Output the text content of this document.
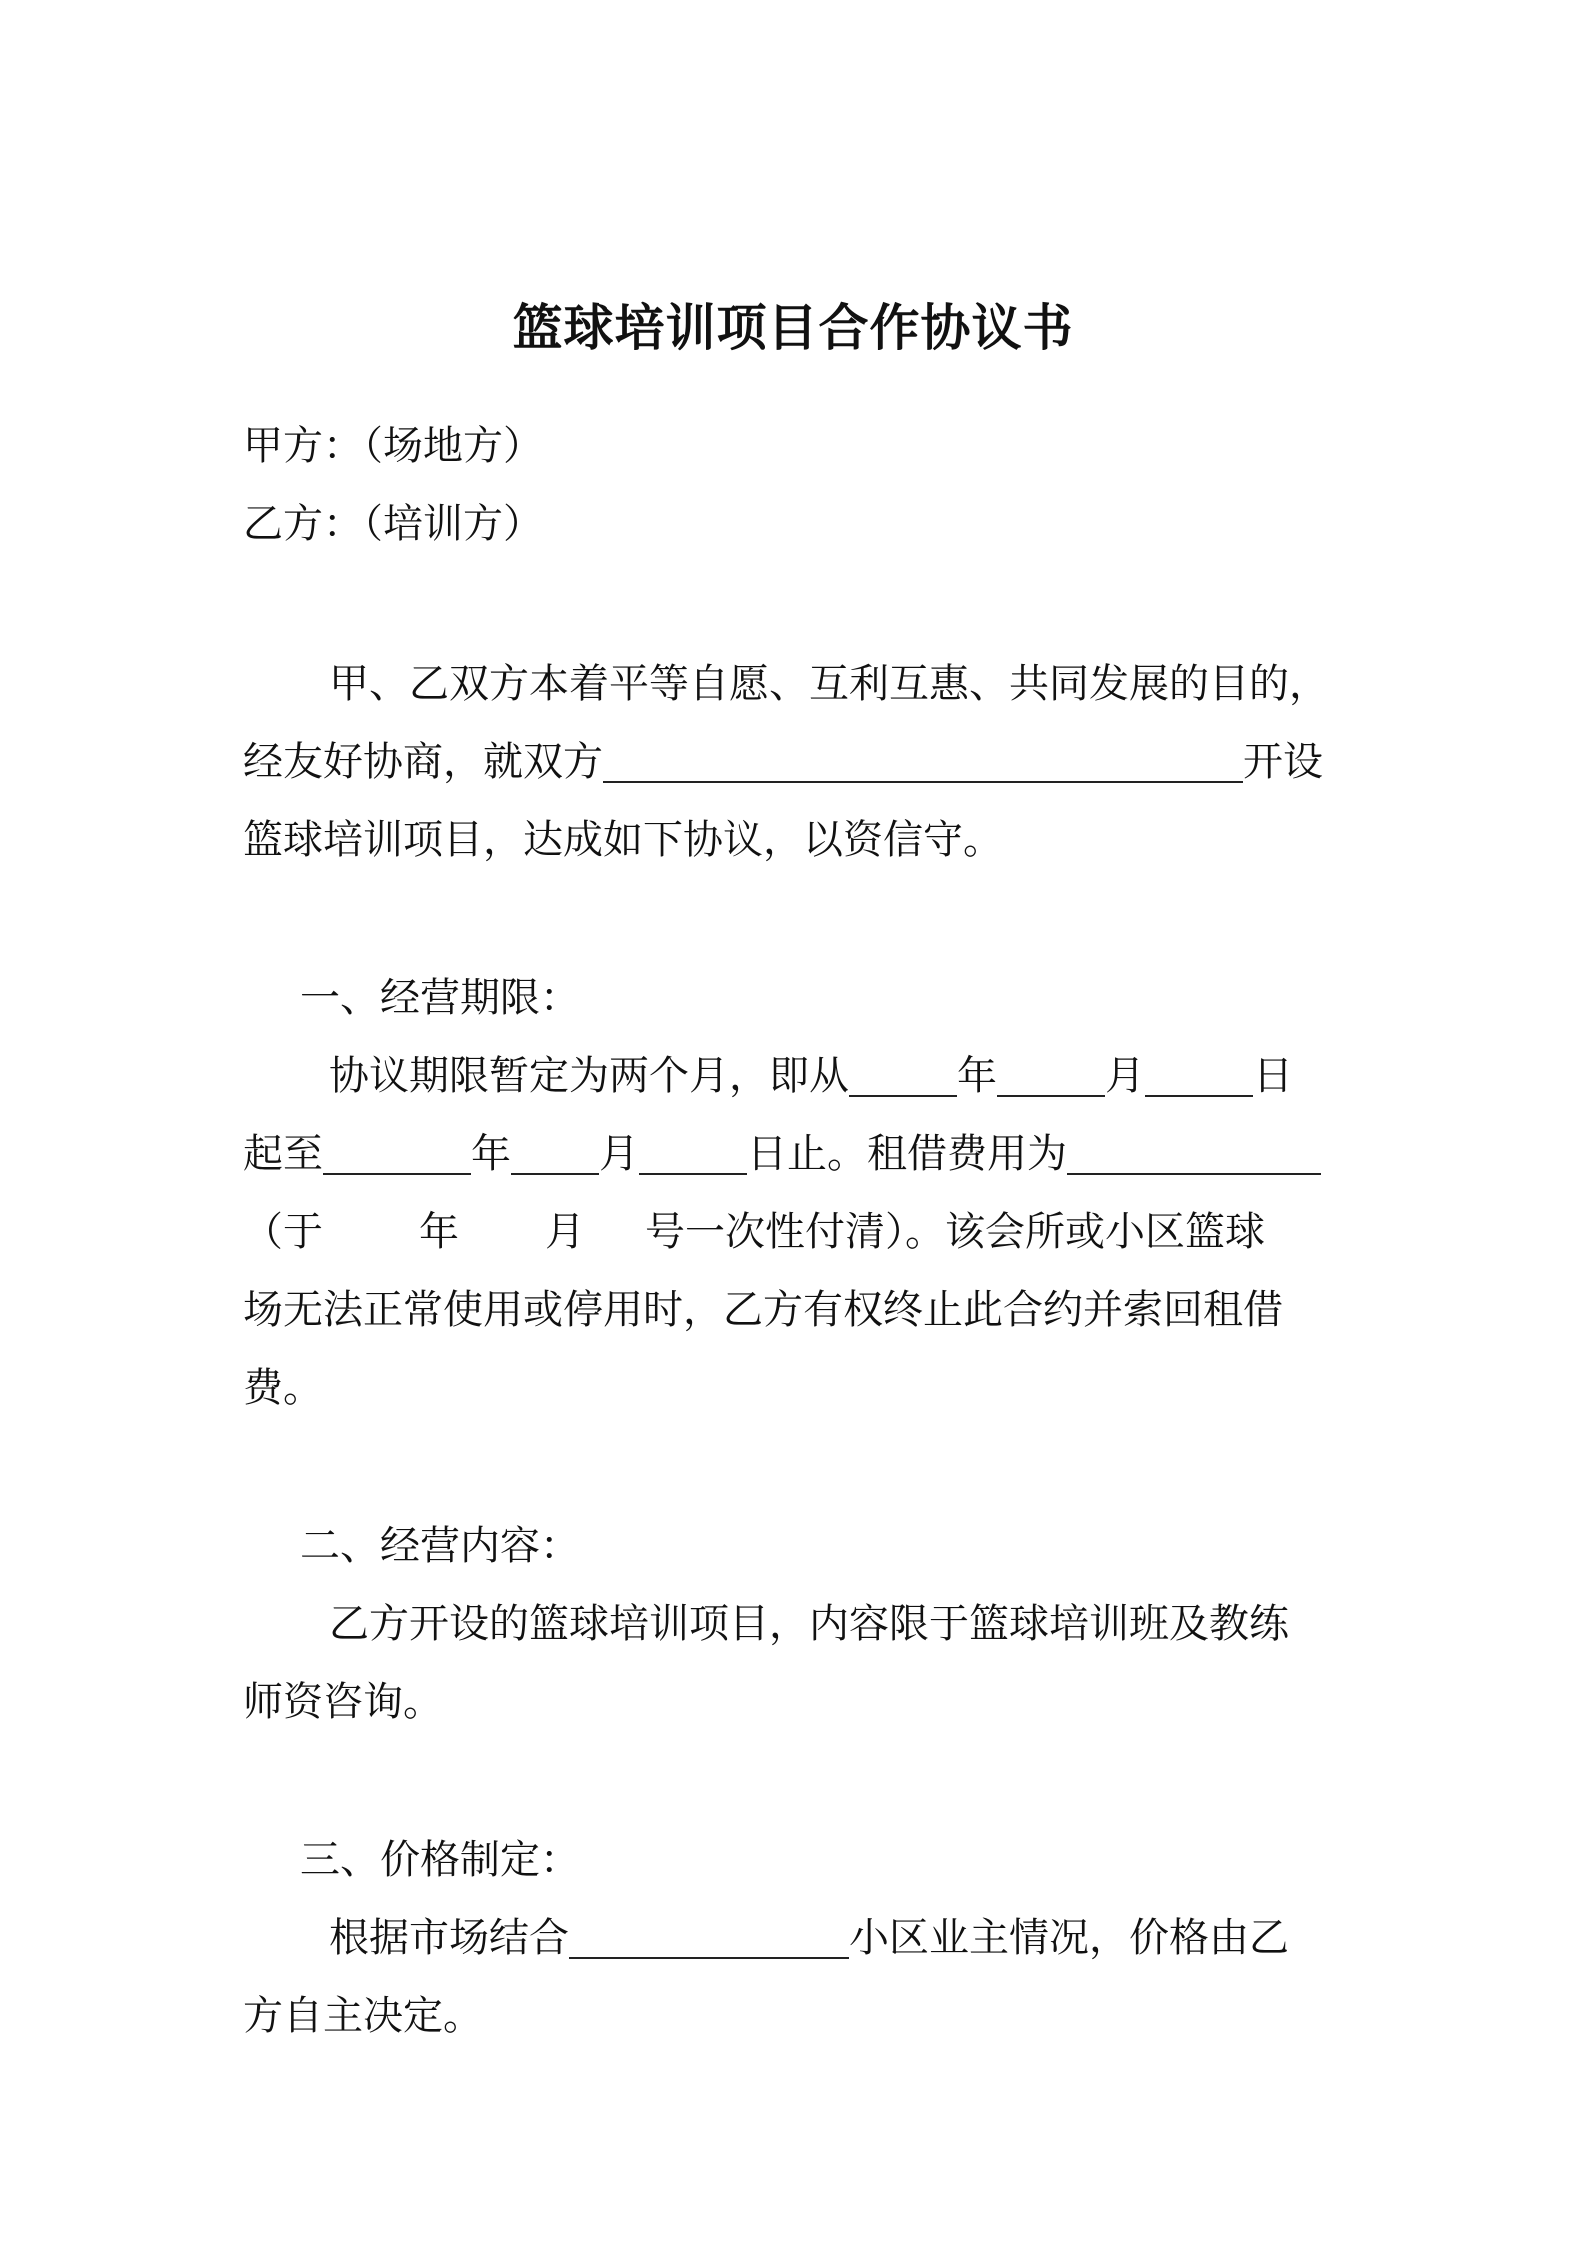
篮球培训项目合作协议书
甲方：（场地方）
乙方：（培训方）
甲、乙双方本着平等自愿、互利互惠、共同发展的目的，
经友好协商，就双方	开设
篮球培训项目，达成如下协议，以资信守。
一、经营期限：
协议期限暂定为两个月，即从	年	月	日
起至	年 月	日止。租借费用为
（于 年 月 号一次性付清）。该会所或小区篮球
场无法正常使用或停用时，乙方有权终止此合约并索回租借
费。
二、经营内容：
乙方开设的篮球培训项目，内容限于篮球培训班及教练
师资咨询。
三、价格制定：
根据市场结合	小区业主情况，价格由乙
方自主决定。
